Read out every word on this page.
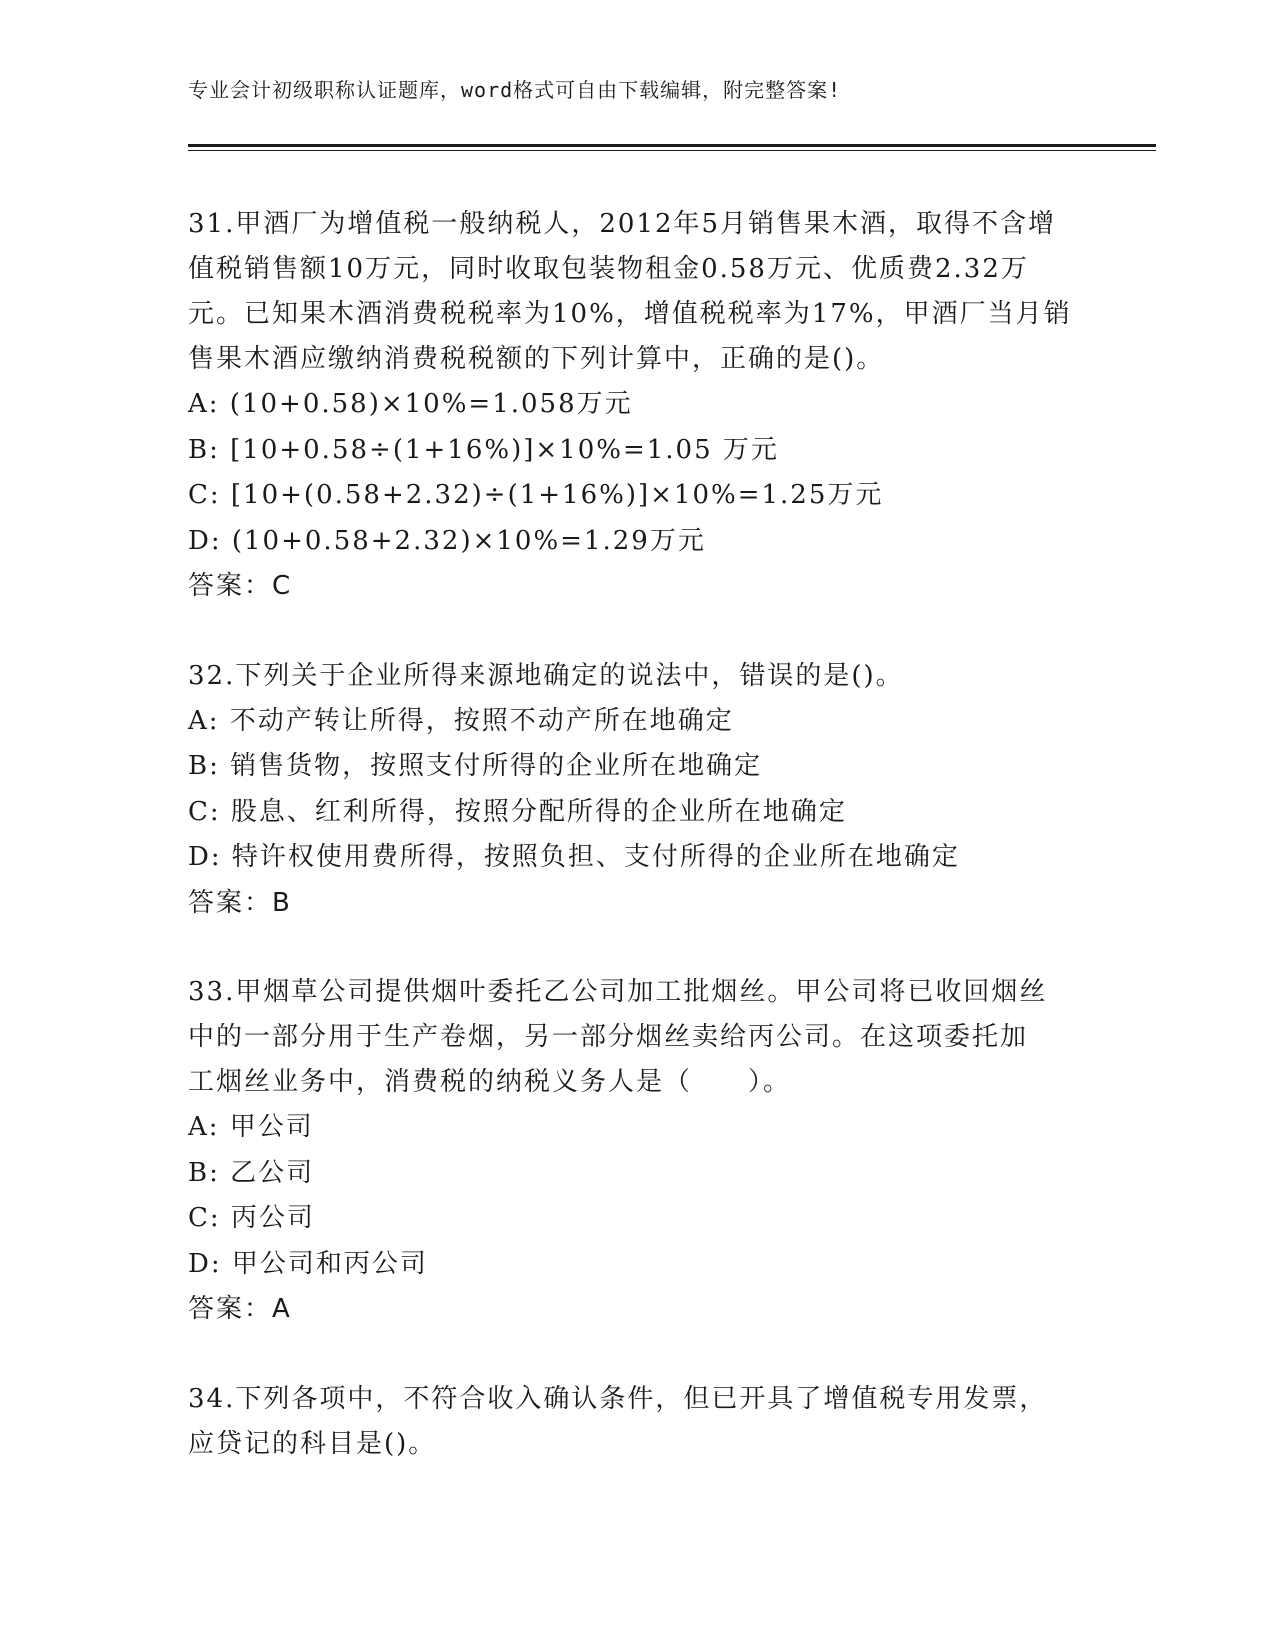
专业会计初级职称认证题库，word格式可自由下载编辑，附完整答案!

31.甲酒厂为增值税一般纳税人，2012年5月销售果木酒，取得不含增

值税销售额10万元，同时收取包装物租金0.58万元、优质费2.32万

元。已知果木酒消费税税率为10%，增值税税率为17%，甲酒厂当月销

售果木酒应缴纳消费税税额的下列计算中，正确的是()。

A: (10+0.58)×10%=1.058万元

B: [10+0.58÷(1+16%)]×10%=1.05 万元

C: [10+(0.58+2.32)÷(1+16%)]×10%=1.25万元

D: (10+0.58+2.32)×10%=1.29万元

答案：C

32.下列关于企业所得来源地确定的说法中，错误的是()。

A: 不动产转让所得，按照不动产所在地确定

B: 销售货物，按照支付所得的企业所在地确定

C: 股息、红利所得，按照分配所得的企业所在地确定

D: 特许权使用费所得，按照负担、支付所得的企业所在地确定

答案：B

33.甲烟草公司提供烟叶委托乙公司加工批烟丝。甲公司将已收回烟丝

中的一部分用于生产卷烟，另一部分烟丝卖给丙公司。在这项委托加

工烟丝业务中，消费税的纳税义务人是（　　）。

A: 甲公司

B: 乙公司

C: 丙公司

D: 甲公司和丙公司

答案：A

34.下列各项中，不符合收入确认条件，但已开具了增值税专用发票，

应贷记的科目是()。
